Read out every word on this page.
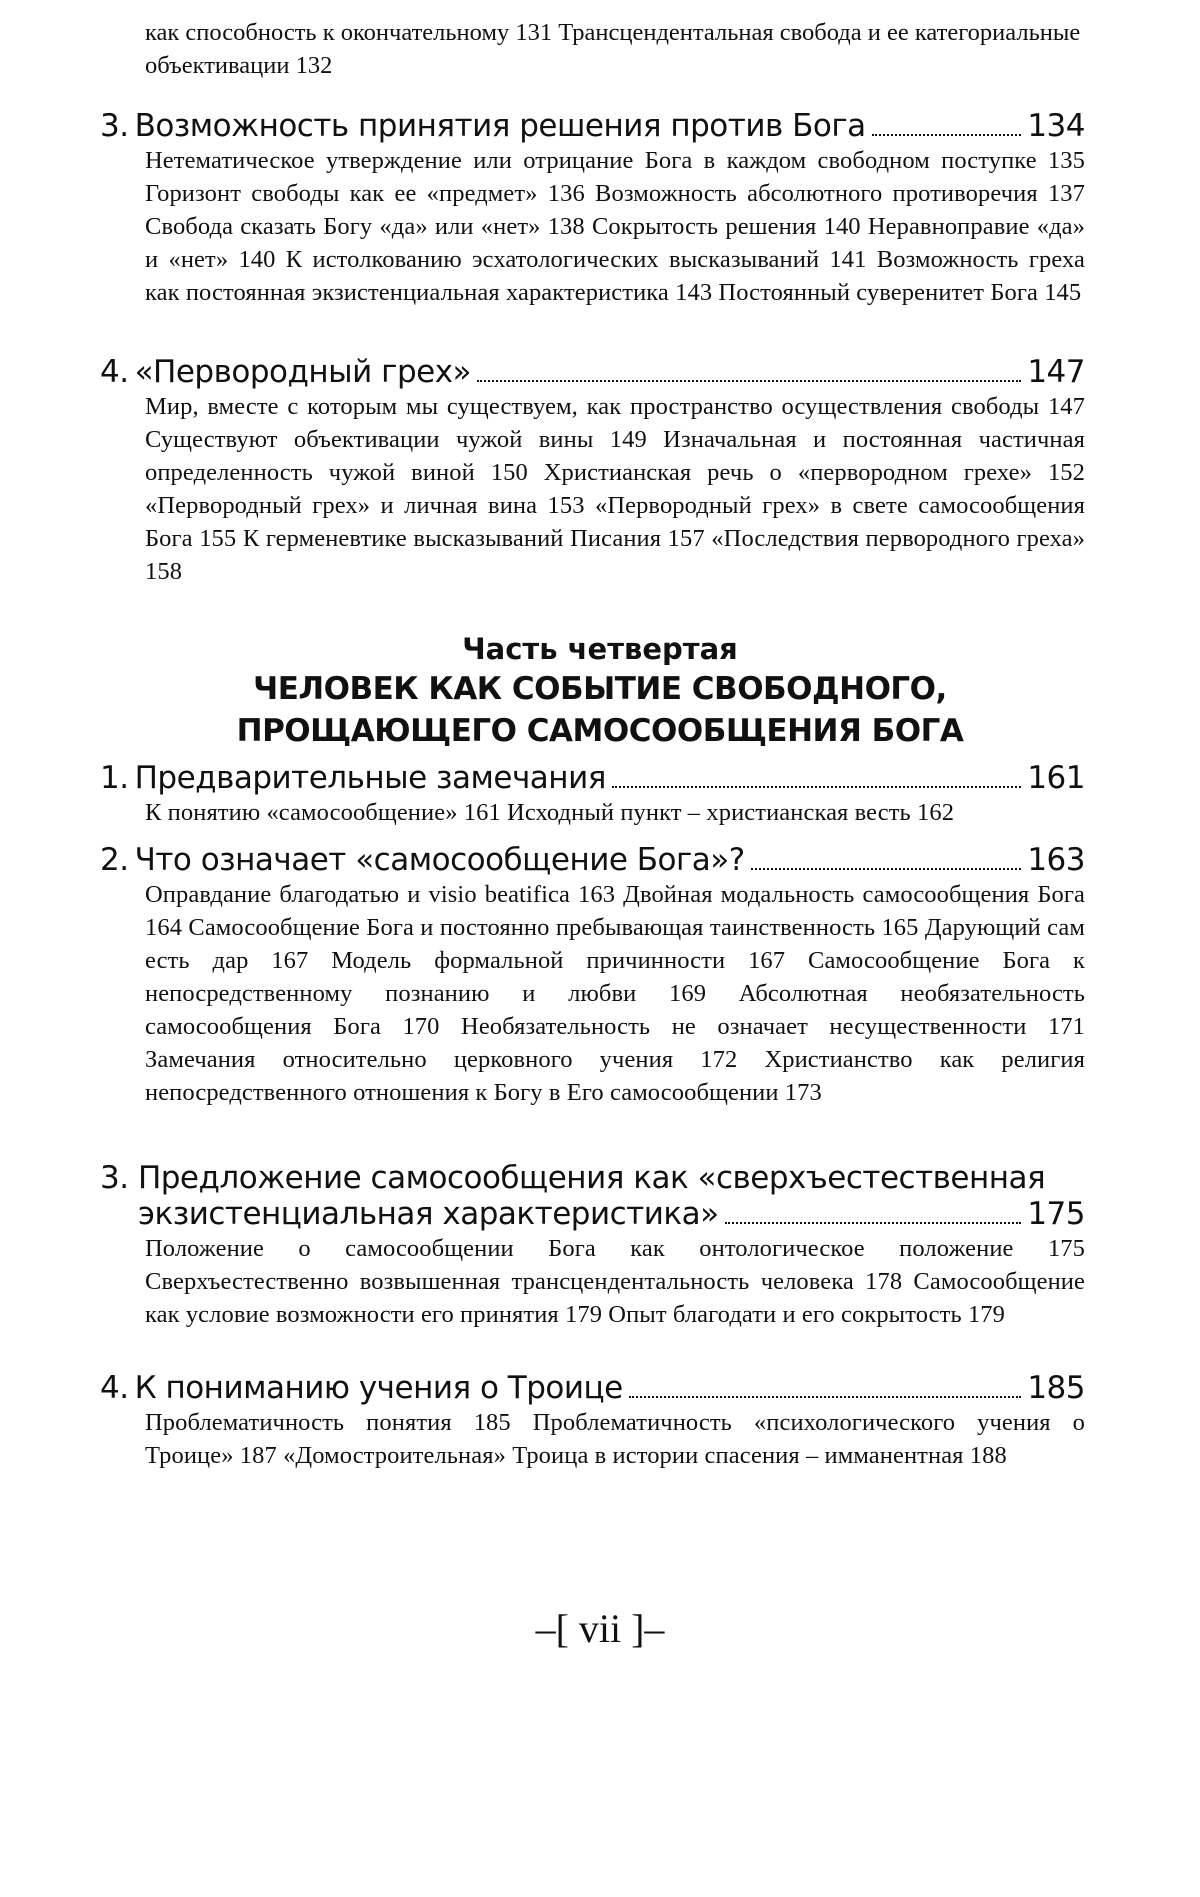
как способность к окончательному 131 Трансцендентальная свобода и ее категориальные объективации 132
3. Возможность принятия решения против Бога	134
Нетематическое утверждение или отрицание Бога в каждом свободном поступке 135 Горизонт свободы как ее «предмет» 136 Возможность абсолютного противоречия 137 Свобода сказать Богу «да» или «нет» 138 Сокрытость решения 140 Неравноправие «да» и «нет» 140 К истолкованию эсхатологических высказываний 141 Возможность греха как постоянная экзистенциальная характеристика 143 Постоянный суверенитет Бога 145
4. «Первородный грех»	147
Мир, вместе с которым мы существуем, как пространство осуществления свободы 147 Существуют объективации чужой вины 149 Изначальная и постоянная частичная определенность чужой виной 150 Христианская речь о «первородном грехе» 152 «Первородный грех» и личная вина 153 «Первородный грех» в свете самосообщения Бога 155 К герменевтике высказываний Писания 157 «Последствия первородного греха» 158
Часть четвертая
ЧЕЛОВЕК КАК СОБЫТИЕ СВОБОДНОГО, ПРОЩАЮЩЕГО САМОСООБЩЕНИЯ БОГА
1. Предварительные замечания	161
К понятию «самосообщение» 161 Исходный пункт – христианская весть 162
2. Что означает «самосообщение Бога»?	163
Оправдание благодатью и visio beatifica 163 Двойная модальность самосообщения Бога 164 Самосообщение Бога и постоянно пребывающая таинственность 165 Дарующий сам есть дар 167 Модель формальной причинности 167 Самосообщение Бога к непосредственному познанию и любви 169 Абсолютная необязательность самосообщения Бога 170 Необязательность не означает несущественности 171 Замечания относительно церковного учения 172 Христианство как религия непосредственного отношения к Богу в Его самосообщении 173
3. Предложение самосообщения как «сверхъестественная
экзистенциальная характеристика»	175
Положение о самосообщении Бога как онтологическое положение 175 Сверхъестественно возвышенная трансцендентальность человека 178 Самосообщение как условие возможности его принятия 179 Опыт благодати и его сокрытость 179
4. К пониманию учения о Троице	185
Проблематичность понятия 185 Проблематичность «психологического учения о Троице» 187 «Домостроительная» Троица в истории спасения – имманентная 188
–[ vii ]–
